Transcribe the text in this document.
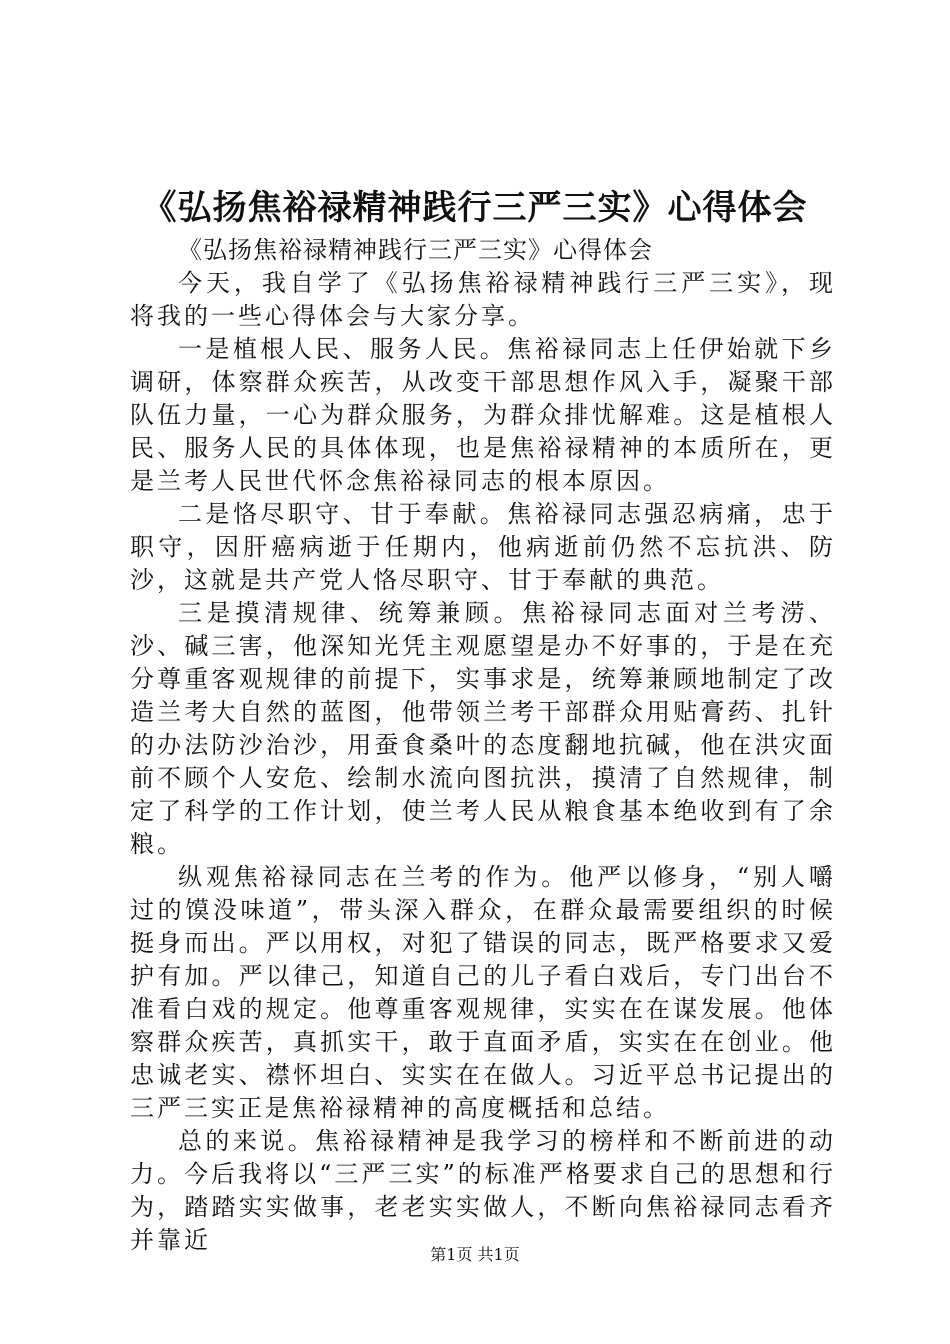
《弘扬焦裕禄精神践行三严三实》心得体会

《弘扬焦裕禄精神践行三严三实》心得体会

今天，我自学了《弘扬焦裕禄精神践行三严三实》，现将我的一些心得体会与大家分享。

一是植根人民、服务人民。焦裕禄同志上任伊始就下乡调研，体察群众疾苦，从改变干部思想作风入手，凝聚干部队伍力量，一心为群众服务，为群众排忧解难。这是植根人民、服务人民的具体体现，也是焦裕禄精神的本质所在，更是兰考人民世代怀念焦裕禄同志的根本原因。

二是恪尽职守、甘于奉献。焦裕禄同志强忍病痛，忠于职守，因肝癌病逝于任期内，他病逝前仍然不忘抗洪、防沙，这就是共产党人恪尽职守、甘于奉献的典范。

三是摸清规律、统筹兼顾。焦裕禄同志面对兰考涝、沙、碱三害，他深知光凭主观愿望是办不好事的，于是在充分尊重客观规律的前提下，实事求是，统筹兼顾地制定了改造兰考大自然的蓝图，他带领兰考干部群众用贴膏药、扎针的办法防沙治沙，用蚕食桑叶的态度翻地抗碱，他在洪灾面前不顾个人安危、绘制水流向图抗洪，摸清了自然规律，制定了科学的工作计划，使兰考人民从粮食基本绝收到有了余粮。

纵观焦裕禄同志在兰考的作为。他严以修身，“别人嚼过的馍没味道”，带头深入群众，在群众最需要组织的时候挺身而出。严以用权，对犯了错误的同志，既严格要求又爱护有加。严以律己，知道自己的儿子看白戏后，专门出台不准看白戏的规定。他尊重客观规律，实实在在谋发展。他体察群众疾苦，真抓实干，敢于直面矛盾，实实在在创业。他忠诚老实、襟怀坦白、实实在在做人。习近平总书记提出的三严三实正是焦裕禄精神的高度概括和总结。

总的来说。焦裕禄精神是我学习的榜样和不断前进的动力。今后我将以“三严三实”的标准严格要求自己的思想和行为，踏踏实实做事，老老实实做人，不断向焦裕禄同志看齐并靠近

第1页 共1页
